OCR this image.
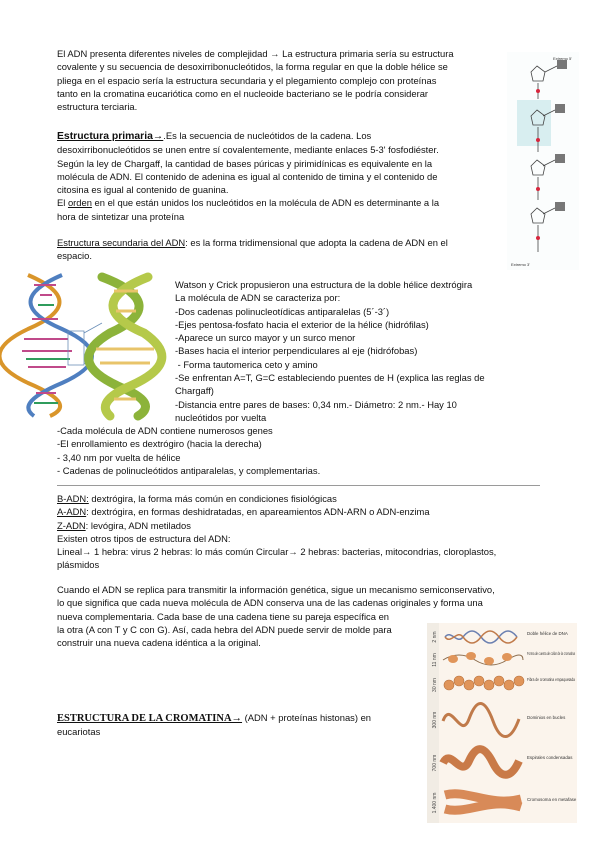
El ADN presenta diferentes niveles de complejidad → La estructura primaria sería su estructura
covalente y su secuencia de desoxirribonucleótidos, la forma regular en que la doble hélice se
pliega en el espacio sería la estructura secundaria y el plegamiento complejo con proteínas
tanto en la cromatina eucariótica como en el nucleoide bacteriano se le podría considerar
estructura terciaria.
Extremo 5'
Extremo 3'
Estructura primaria→.Es la secuencia de nucleótidos de la cadena. Los
desoxirribonucleótidos se unen entre sí covalentemente, mediante enlaces 5-3' fosfodiéster.
Según la ley de Chargaff, la cantidad de bases púricas y pirimidínicas es equivalente en la
molécula de ADN. El contenido de adenina es igual al contenido de timina y el contenido de
citosina es igual al contenido de guanina.
El orden en el que están unidos los nucleótidos en la molécula de ADN es determinante a la
hora de sintetizar una proteína
Estructura secundaria del ADN: es la forma tridimensional que adopta la cadena de ADN en el
espacio.
Watson y Crick propusieron una estructura de la doble hélice dextrógira
La molécula de ADN se caracteriza por:
-Dos cadenas polinucleotídicas antiparalelas (5´-3´)
-Ejes pentosa-fosfato hacia el exterior de la hélice (hidrófilas)
-Aparece un surco mayor y un surco menor
-Bases hacia el interior perpendiculares al eje (hidrófobas)
- Forma tautomerica ceto y amino
-Se enfrentan A=T, G=C estableciendo puentes de H (explica las reglas de
Chargaff)
-Distancia entre pares de bases: 0,34 nm.- Diámetro: 2 nm.- Hay 10
nucleótidos por vuelta
-Cada molécula de ADN contiene numerosos genes
-El enrollamiento es dextrógiro (hacia la derecha)
- 3,40 nm por vuelta de hélice
- Cadenas de polinucleótidos antiparalelas, y complementarias.
B-ADN: dextrógira, la forma más común en condiciones fisiológicas
A-ADN: dextrógira, en formas deshidratadas, en apareamientos ADN-ARN o ADN-enzima
Z-ADN: levógira, ADN metilados
Existen otros tipos de estructura del ADN:
Lineal→ 1 hebra: virus 2 hebras: lo más común Circular→ 2 hebras: bacterias, mitocondrias, cloroplastos,
plásmidos
Cuando el ADN se replica para transmitir la información genética, sigue un mecanismo semiconservativo,
lo que significa que cada nueva molécula de ADN conserva una de las cadenas originales y forma una
nueva complementaria. Cada base de una cadena tiene su pareja específica en
la otra (A con T y C con G). Así, cada hebra del ADN puede servir de molde para
construir una nueva cadena idéntica a la original.
2 nm
11 nm
30 nm
300 nm
700 nm
1.400 nm
Doble hélice de DNA
Forma de cuenta de collar de la cromatina
Fibra de cromatina empaquetada
Dominios en bucles
Espirales condensadas
Cromosoma en metafase
ESTRUCTURA DE LA CROMATINA→ (ADN + proteínas histonas) en
eucariotas
